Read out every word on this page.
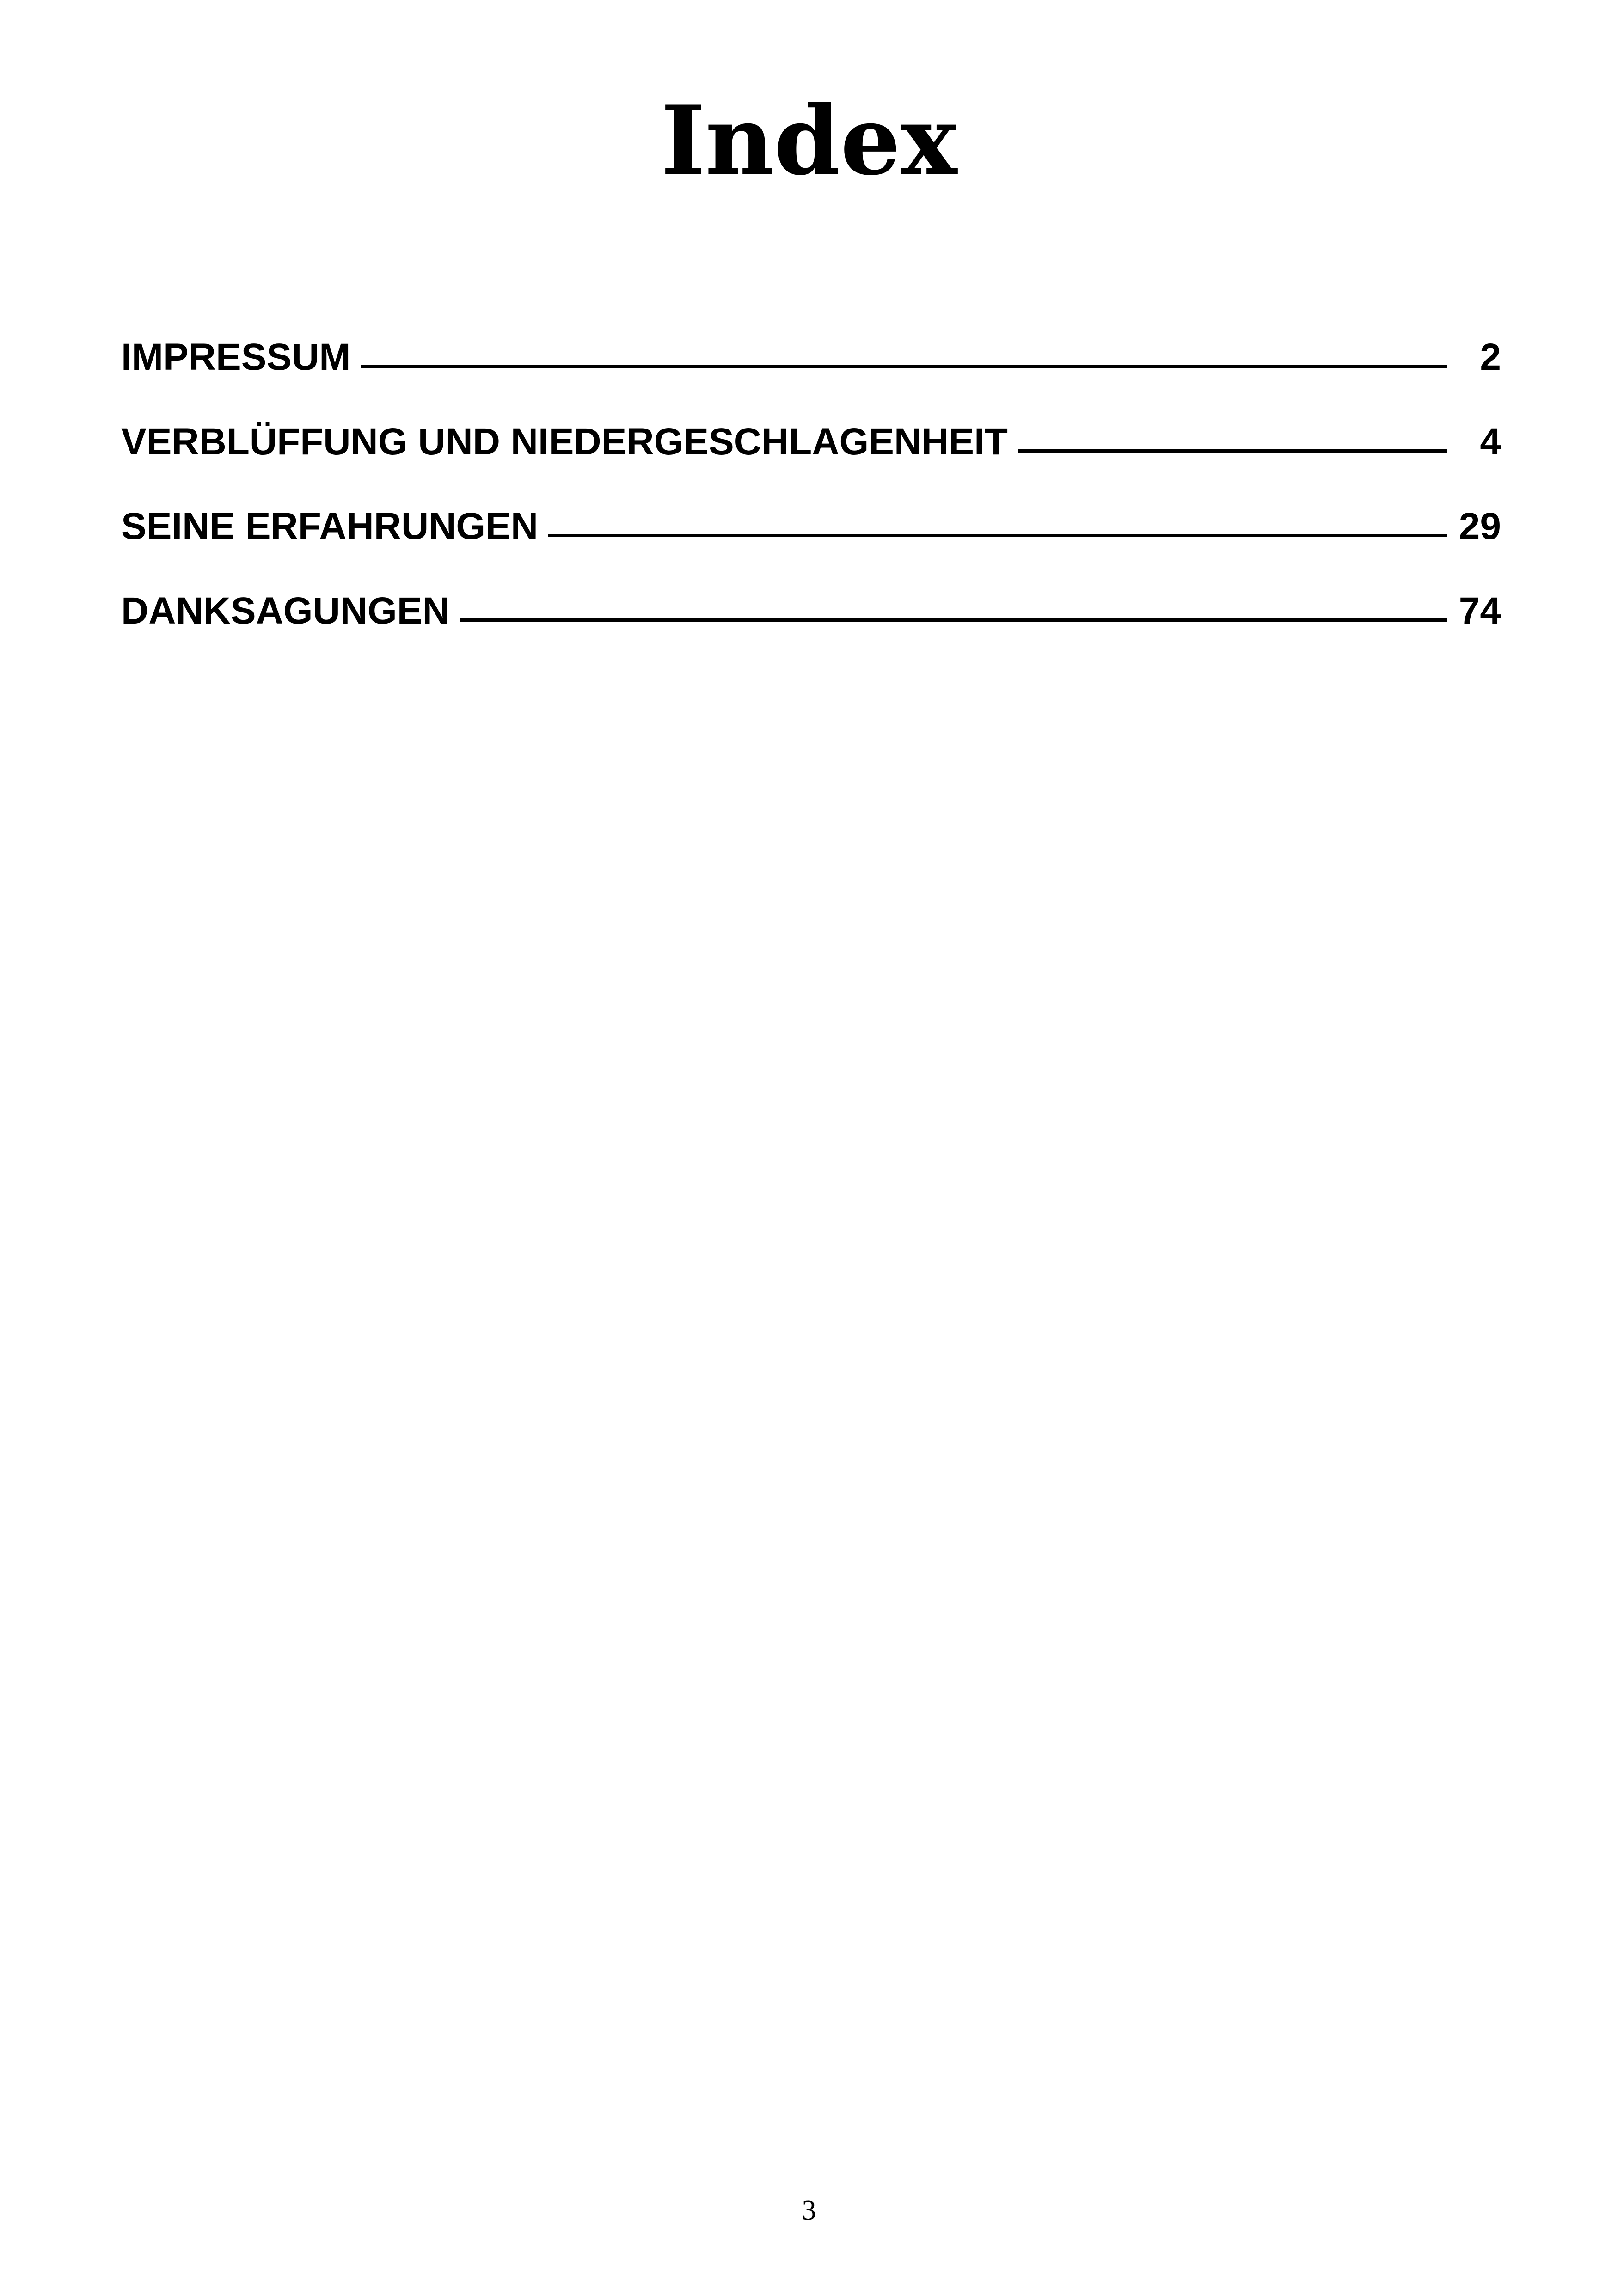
Index
IMPRESSUM	2
VERBLÜFFUNG UND NIEDERGESCHLAGENHEIT	4
SEINE ERFAHRUNGEN	29
DANKSAGUNGEN	74

3
